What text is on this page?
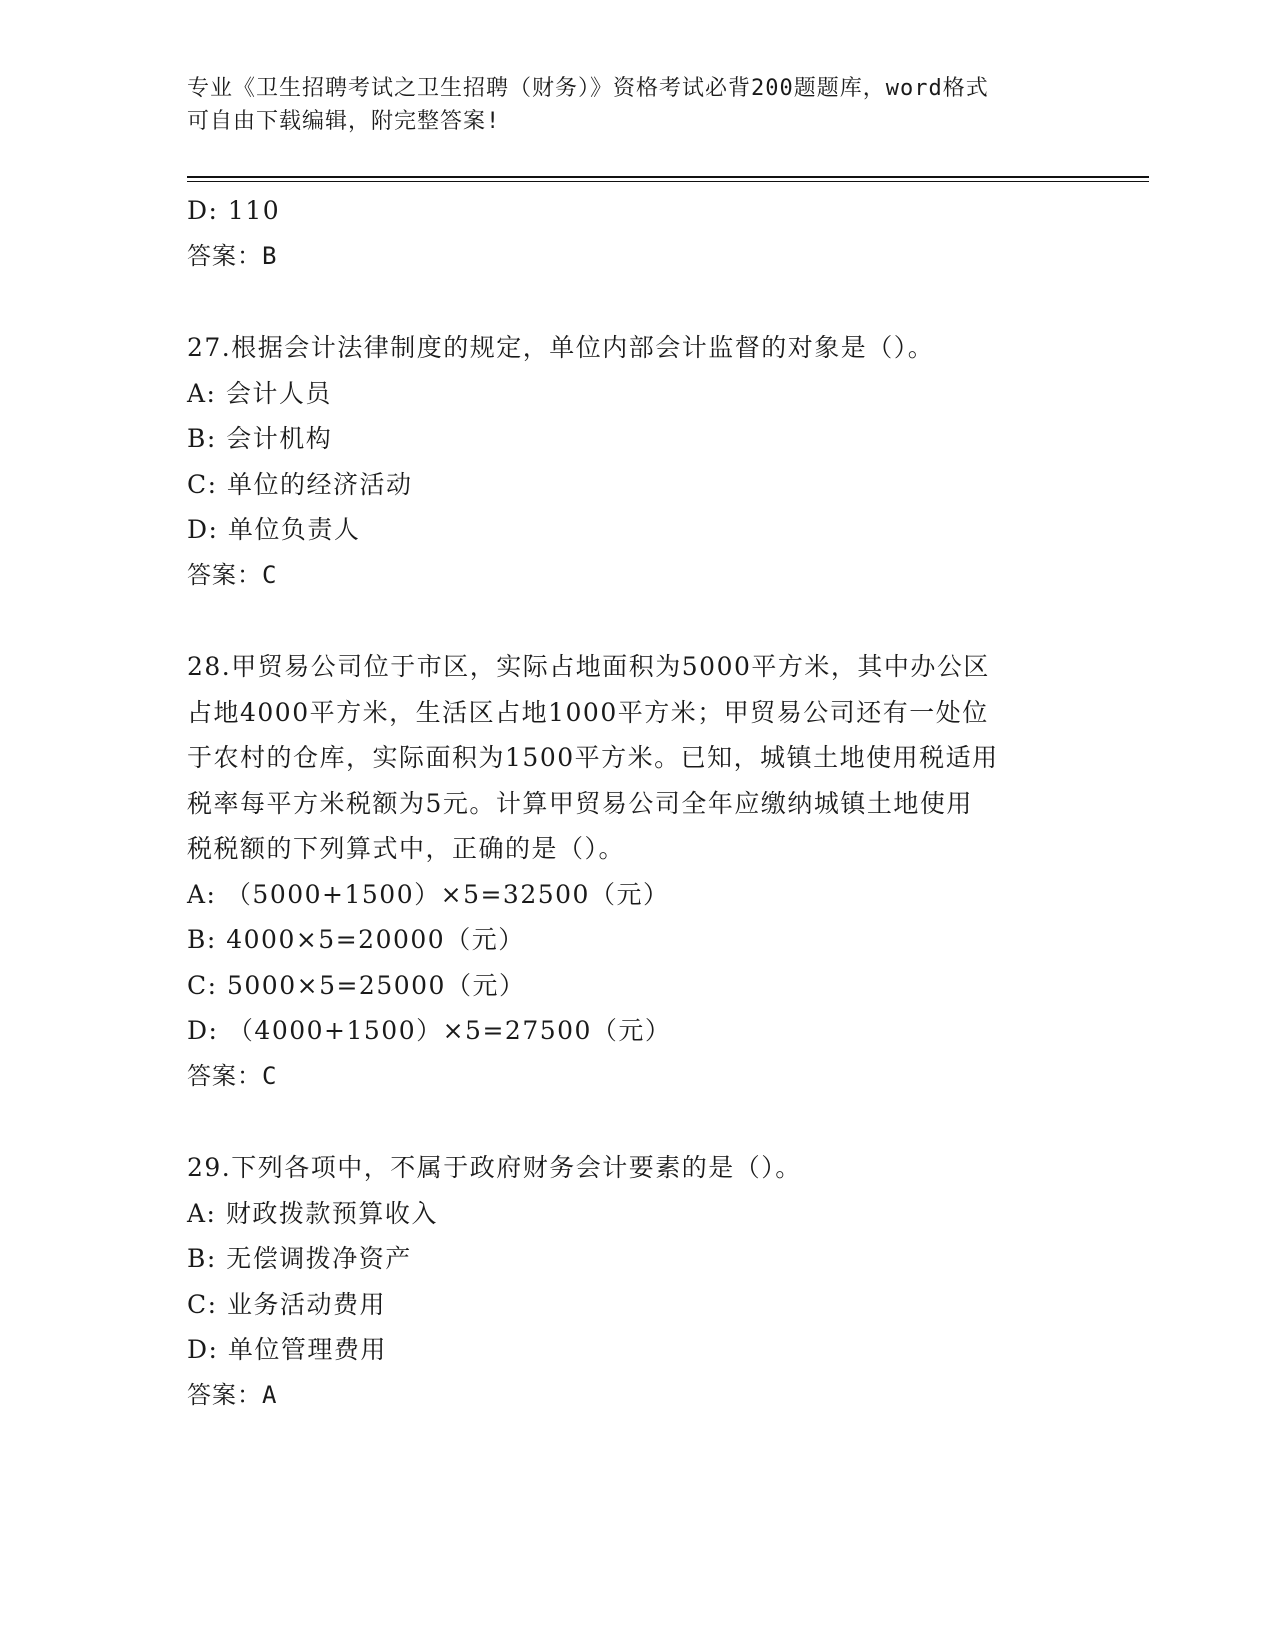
专业《卫生招聘考试之卫生招聘（财务）》资格考试必背200题题库，word格式
可自由下载编辑，附完整答案!
D: 110
答案：B
27.根据会计法律制度的规定，单位内部会计监督的对象是（）。
A: 会计人员
B: 会计机构
C: 单位的经济活动
D: 单位负责人
答案：C
28.甲贸易公司位于市区，实际占地面积为5000平方米，其中办公区
占地4000平方米，生活区占地1000平方米；甲贸易公司还有一处位
于农村的仓库，实际面积为1500平方米。已知，城镇土地使用税适用
税率每平方米税额为5元。计算甲贸易公司全年应缴纳城镇土地使用
税税额的下列算式中，正确的是（）。
A: （5000+1500）×5=32500（元）
B: 4000×5=20000（元）
C: 5000×5=25000（元）
D: （4000+1500）×5=27500（元）
答案：C
29.下列各项中，不属于政府财务会计要素的是（）。
A: 财政拨款预算收入
B: 无偿调拨净资产
C: 业务活动费用
D: 单位管理费用
答案：A
